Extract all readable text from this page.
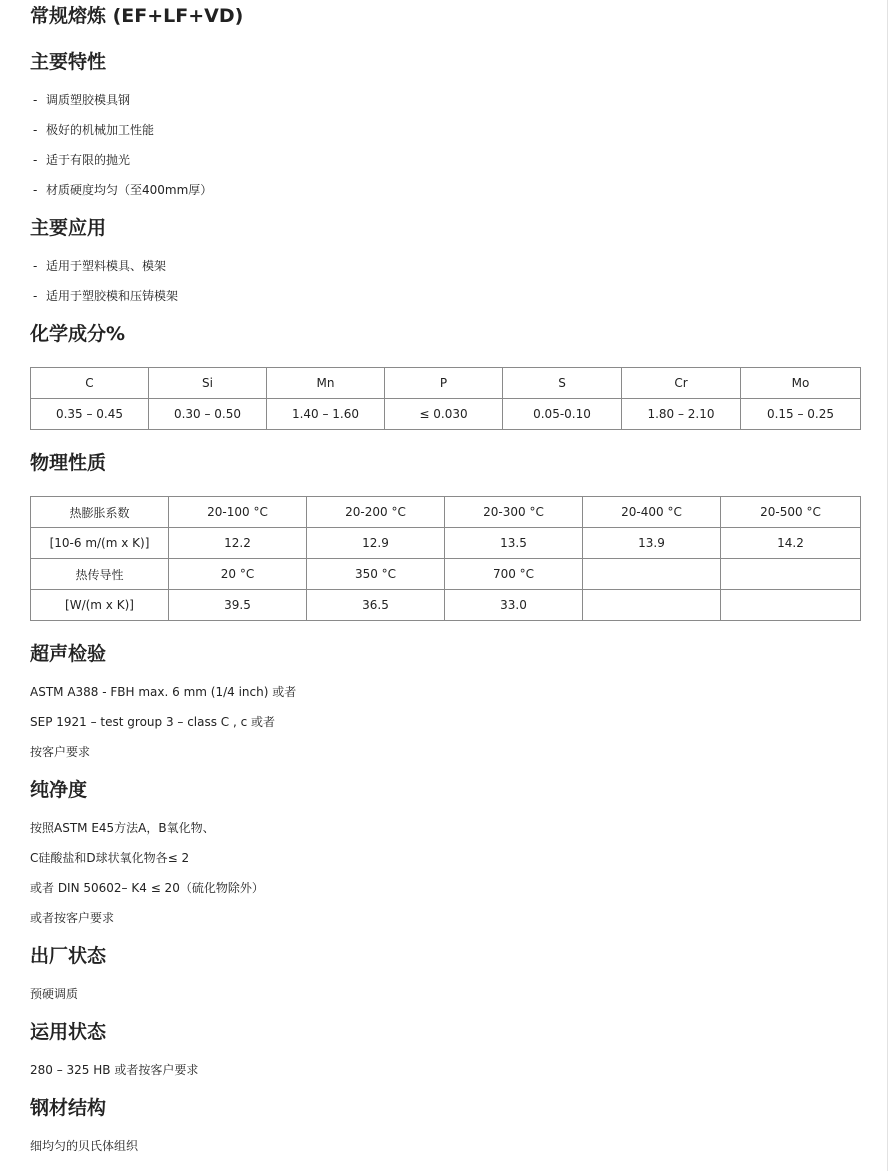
常规熔炼 (EF+LF+VD)
主要特性
- 调质塑胶模具钢
- 极好的机械加工性能
- 适于有限的抛光
- 材质硬度均匀（至400mm厚）
主要应用
- 适用于塑料模具、模架
- 适用于塑胶模和压铸模架
化学成分%
C	Si	Mn	P	S	Cr	Mo
0.35 – 0.45	0.30 – 0.50	1.40 – 1.60	≤ 0.030	0.05-0.10	1.80 – 2.10	0.15 – 0.25
物理性质
热膨胀系数	20-100 °C	20-200 °C	20-300 °C	20-400 °C	20-500 °C
[10-6 m/(m x K)]	12.2	12.9	13.5	13.9	14.2
热传导性	20 °C	350 °C	700 °C		
[W/(m x K)]	39.5	36.5	33.0		
超声检验
ASTM A388 - FBH max. 6 mm (1/4 inch) 或者
SEP 1921 – test group 3 – class C , c 或者
按客户要求
纯净度
按照ASTM E45方法A，B氧化物、
C硅酸盐和D球状氧化物各≤ 2
或者 DIN 50602– K4 ≤ 20（硫化物除外）
或者按客户要求
出厂状态
预硬调质
运用状态
280 – 325 HB 或者按客户要求
钢材结构
细均匀的贝氏体组织
